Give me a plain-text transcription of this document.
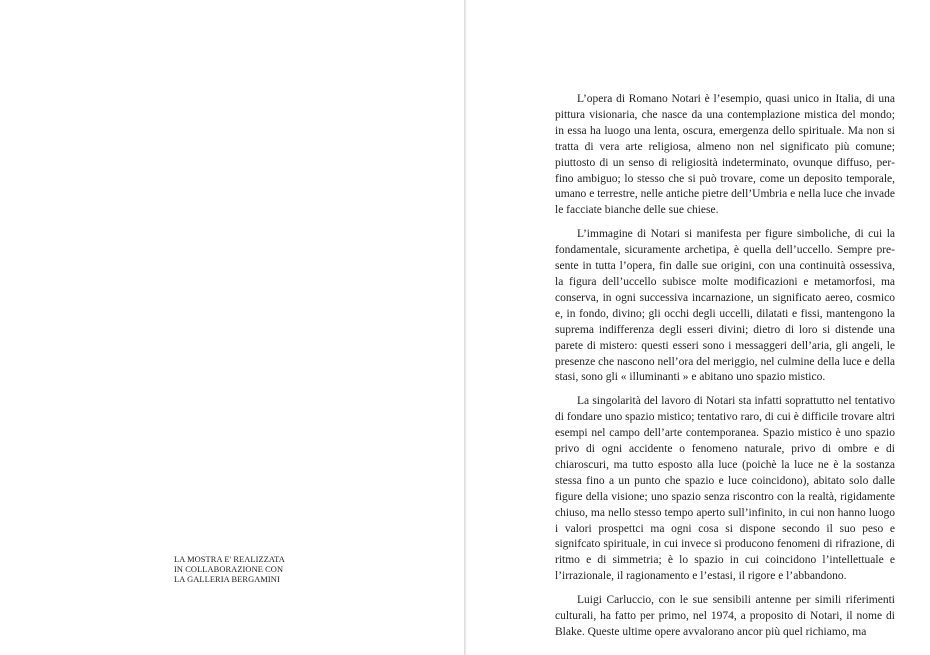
LA MOSTRA E' REALIZZATA
IN COLLABORAZIONE CON
LA GALLERIA BERGAMINI

L’opera di Romano Notari è l’esempio, quasi unico in Italia, di una pittura visionaria, che nasce da una contemplazione mistica del mondo; in essa ha luogo una lenta, oscura, emergenza dello spirituale. Ma non si tratta di vera arte religiosa, almeno non nel significato più comune; piuttosto di un senso di religiosità indeterminato, ovunque diffuso, perfino ambiguo; lo stesso che si può trovare, come un deposito temporale, umano e terrestre, nelle antiche pietre dell’Umbria e nella luce che invade le facciate bianche delle sue chiese.

L’immagine di Notari si manifesta per figure simboliche, di cui la fondamentale, sicuramente archetipa, è quella dell’uccello. Sempre presente in tutta l’opera, fin dalle sue origini, con una continuità ossessiva, la figura dell’uccello subisce molte modificazioni e metamorfosi, ma conserva, in ogni successiva incarnazione, un significato aereo, cosmico e, in fondo, divino; gli occhi degli uccelli, dilatati e fissi, mantengono la suprema indifferenza degli esseri divini; dietro di loro si distende una parete di mistero: questi esseri sono i messaggeri dell’aria, gli angeli, le presenze che nascono nell’ora del meriggio, nel culmine della luce e della stasi, sono gli « illuminanti » e abitano uno spazio mistico.

La singolarità del lavoro di Notari sta infatti soprattutto nel tentativo di fondare uno spazio mistico; tentativo raro, di cui è difficile trovare altri esempi nel campo dell’arte contemporanea. Spazio mistico è uno spazio privo di ogni accidente o fenomeno naturale, privo di ombre e di chiaroscuri, ma tutto esposto alla luce (poichè la luce ne è la sostanza stessa fino a un punto che spazio e luce coincidono), abitato solo dalle figure della visione; uno spazio senza riscontro con la realtà, rigidamente chiuso, ma nello stesso tempo aperto sull’infinito, in cui non hanno luogo i valori prospettci ma ogni cosa si dispone secondo il suo peso e signifcato spirituale, in cui invece si producono fenomeni di rifrazione, di ritmo e di simmetria; è lo spazio in cui coincidono l’intellettuale e l’irrazionale, il ragionamento e l’estasi, il rigore e l’abbandono.

Luigi Carluccio, con le sue sensibili antenne per simili riferimenti culturali, ha fatto per primo, nel 1974, a proposito di Notari, il nome di Blake. Queste ultime opere avvalorano ancor più quel richiamo, ma
